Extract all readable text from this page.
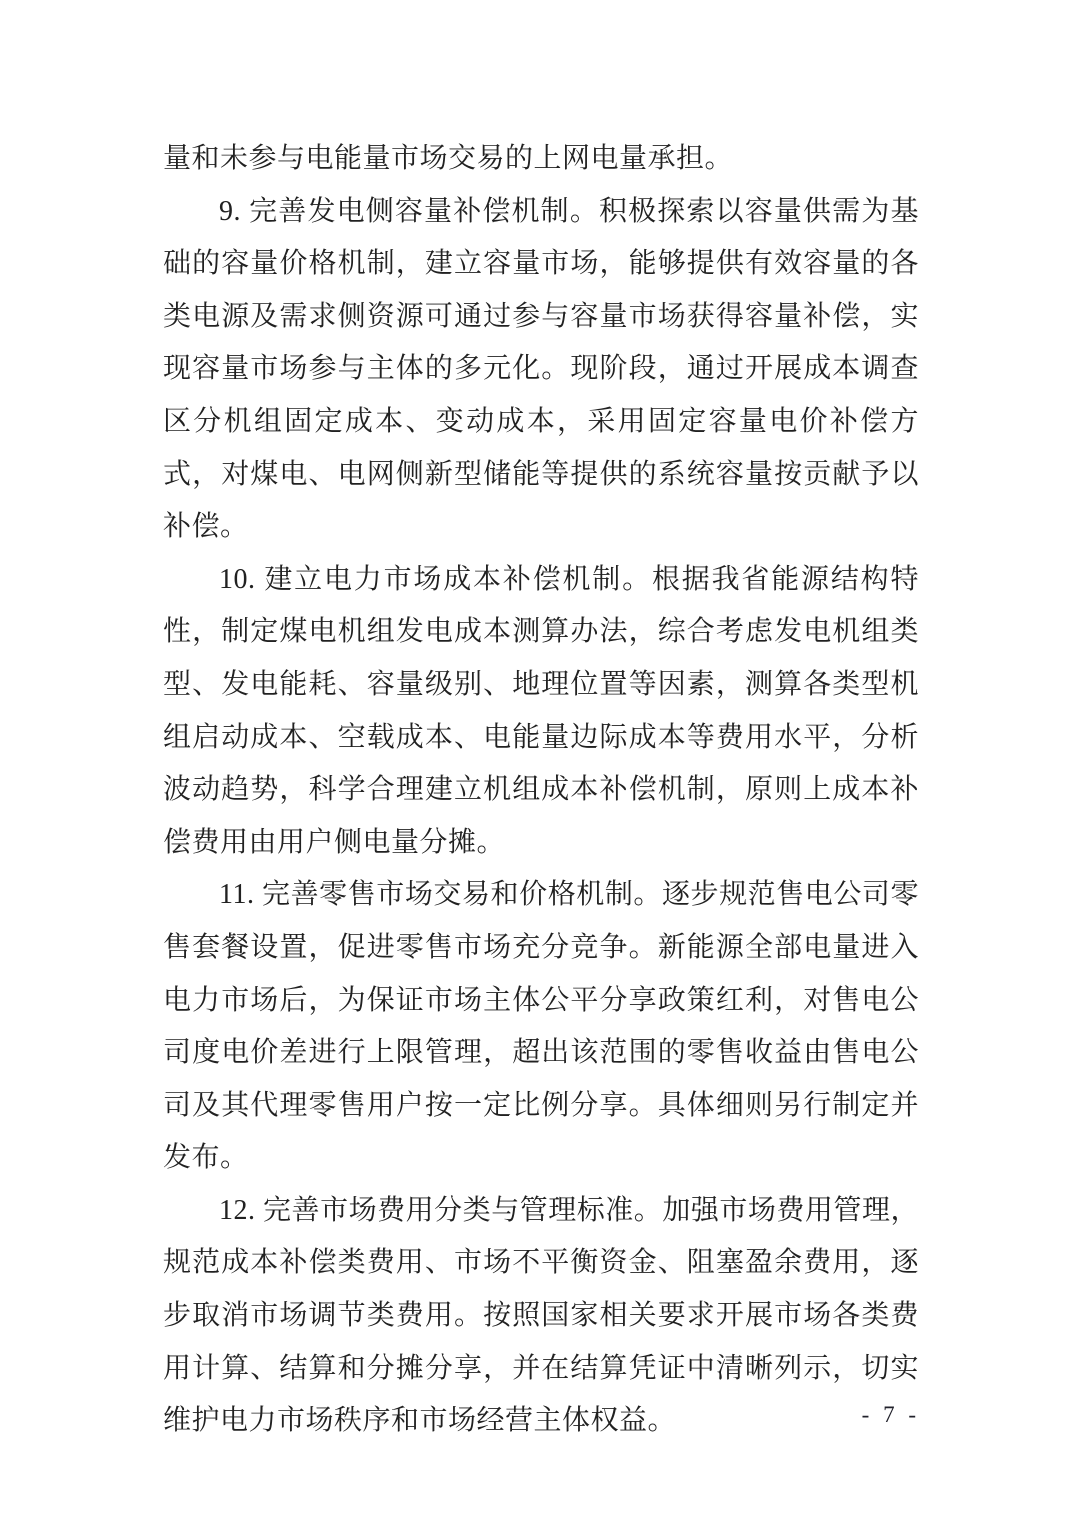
量和未参与电能量市场交易的上网电量承担。

9. 完善发电侧容量补偿机制。积极探索以容量供需为基础的容量价格机制，建立容量市场，能够提供有效容量的各类电源及需求侧资源可通过参与容量市场获得容量补偿，实现容量市场参与主体的多元化。现阶段，通过开展成本调查区分机组固定成本、变动成本，采用固定容量电价补偿方式，对煤电、电网侧新型储能等提供的系统容量按贡献予以补偿。

10. 建立电力市场成本补偿机制。根据我省能源结构特性，制定煤电机组发电成本测算办法，综合考虑发电机组类型、发电能耗、容量级别、地理位置等因素，测算各类型机组启动成本、空载成本、电能量边际成本等费用水平，分析波动趋势，科学合理建立机组成本补偿机制，原则上成本补偿费用由用户侧电量分摊。

11. 完善零售市场交易和价格机制。逐步规范售电公司零售套餐设置，促进零售市场充分竞争。新能源全部电量进入电力市场后，为保证市场主体公平分享政策红利，对售电公司度电价差进行上限管理，超出该范围的零售收益由售电公司及其代理零售用户按一定比例分享。具体细则另行制定并发布。

12. 完善市场费用分类与管理标准。加强市场费用管理，规范成本补偿类费用、市场不平衡资金、阻塞盈余费用，逐步取消市场调节类费用。按照国家相关要求开展市场各类费用计算、结算和分摊分享，并在结算凭证中清晰列示，切实维护电力市场秩序和市场经营主体权益。	- 7 -
